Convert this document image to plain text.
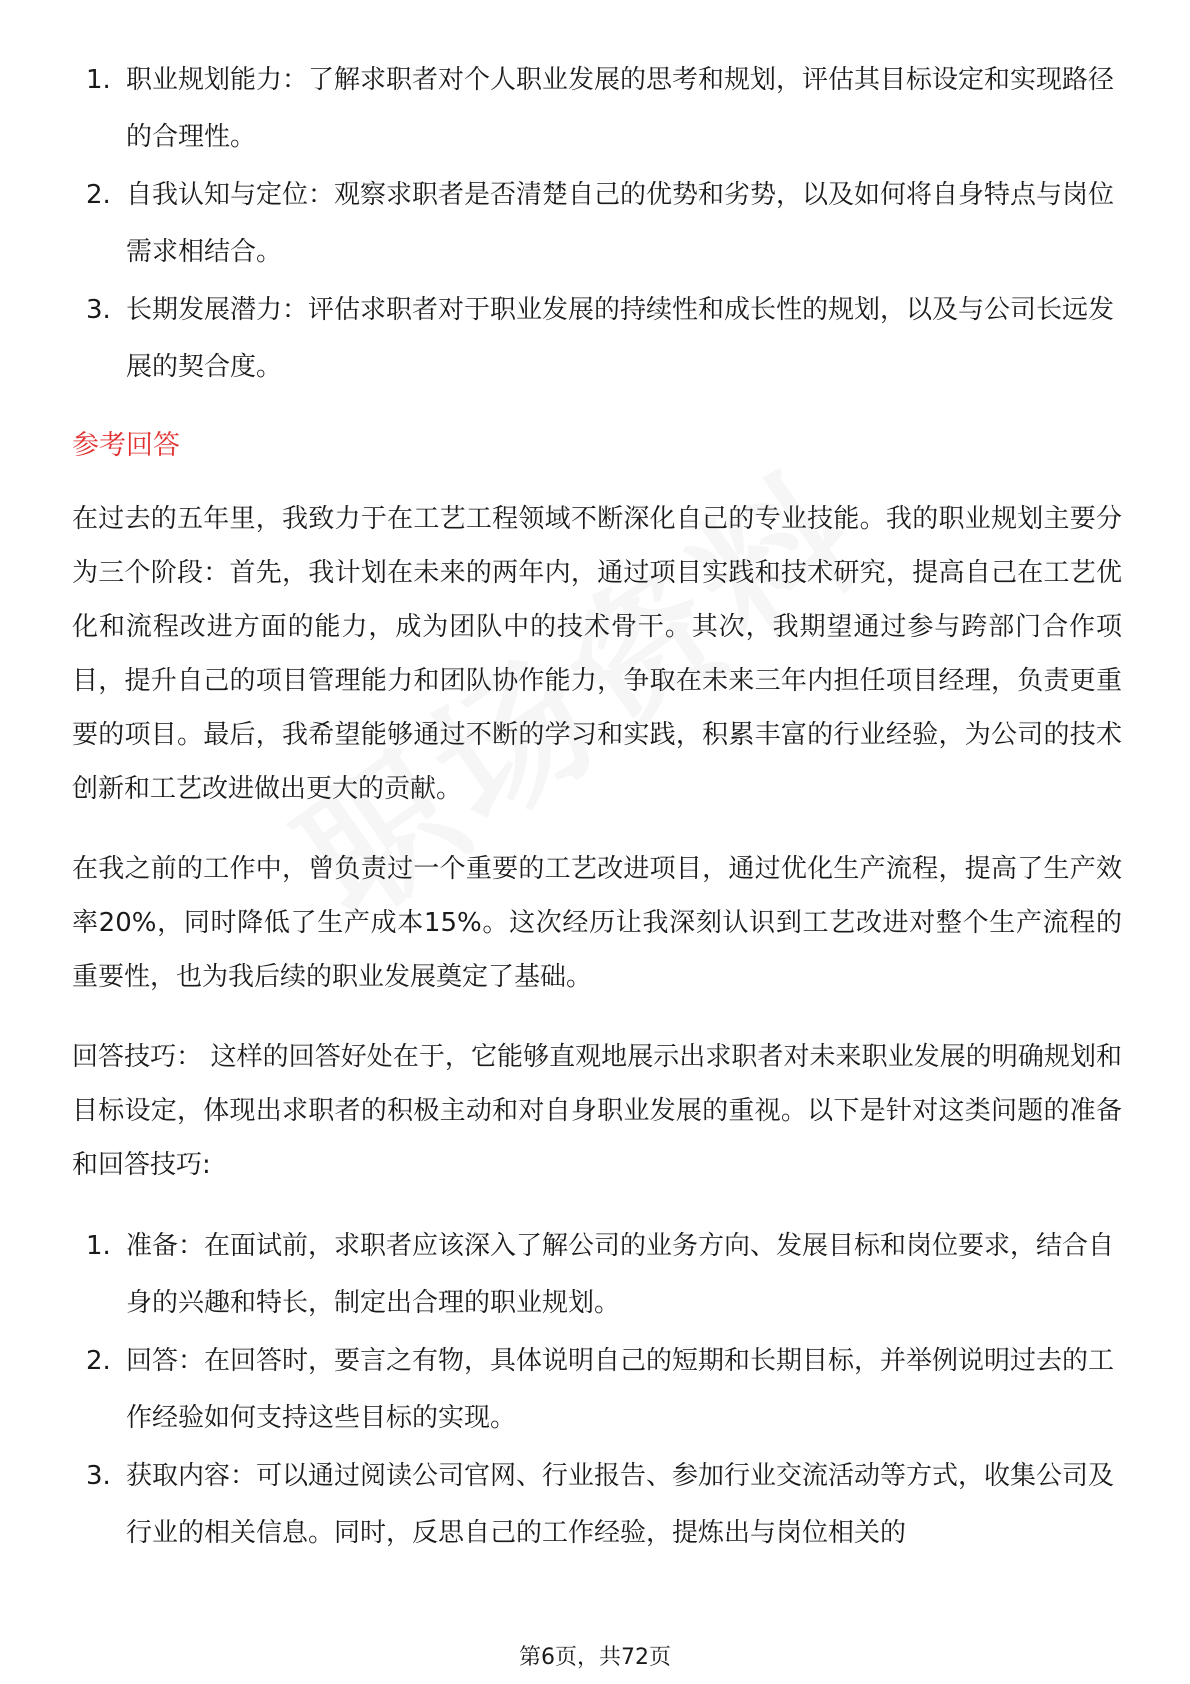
1. 职业规划能力：了解求职者对个人职业发展的思考和规划，评估其目标设定和实现路径的合理性。
2. 自我认知与定位：观察求职者是否清楚自己的优势和劣势，以及如何将自身特点与岗位需求相结合。
3. 长期发展潜力：评估求职者对于职业发展的持续性和成长性的规划，以及与公司长远发展的契合度。
参考回答

在过去的五年里，我致力于在工艺工程领域不断深化自己的专业技能。我的职业规划主要分为三个阶段：首先，我计划在未来的两年内，通过项目实践和技术研究，提高自己在工艺优化和流程改进方面的能力，成为团队中的技术骨干。其次，我期望通过参与跨部门合作项目，提升自己的项目管理能力和团队协作能力，争取在未来三年内担任项目经理，负责更重要的项目。最后，我希望能够通过不断的学习和实践，积累丰富的行业经验，为公司的技术创新和工艺改进做出更大的贡献。

在我之前的工作中，曾负责过一个重要的工艺改进项目，通过优化生产流程，提高了生产效率20%，同时降低了生产成本15%。这次经历让我深刻认识到工艺改进对整个生产流程的重要性，也为我后续的职业发展奠定了基础。

回答技巧： 这样的回答好处在于，它能够直观地展示出求职者对未来职业发展的明确规划和目标设定，体现出求职者的积极主动和对自身职业发展的重视。以下是针对这类问题的准备和回答技巧:

1. 准备：在面试前，求职者应该深入了解公司的业务方向、发展目标和岗位要求，结合自身的兴趣和特长，制定出合理的职业规划。
2. 回答：在回答时，要言之有物，具体说明自己的短期和长期目标，并举例说明过去的工作经验如何支持这些目标的实现。
3. 获取内容：可以通过阅读公司官网、行业报告、参加行业交流活动等方式，收集公司及行业的相关信息。同时，反思自己的工作经验，提炼出与岗位相关的
第6页，共72页
